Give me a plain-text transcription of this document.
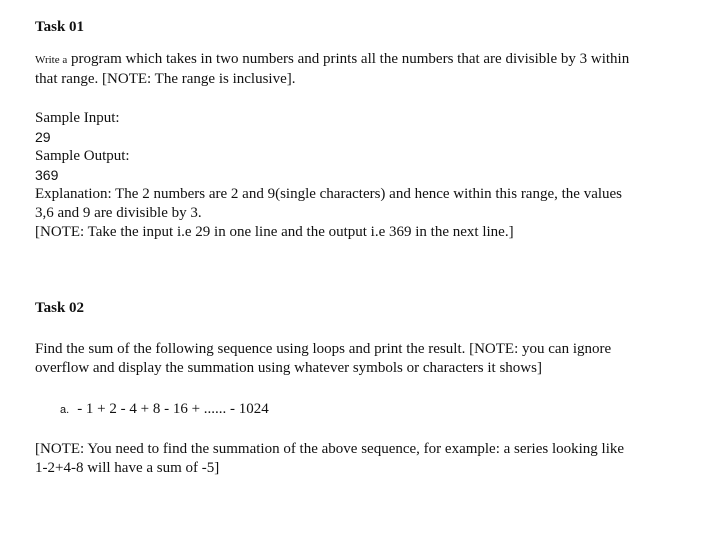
Task 01
Write a program which takes in two numbers and prints all the numbers that are divisible by 3 within
that range. [NOTE: The range is inclusive].
Sample Input:
29
Sample Output:
369
Explanation: The 2 numbers are 2 and 9(single characters) and hence within this range, the values
3,6 and 9 are divisible by 3.
[NOTE: Take the input i.e 29 in one line and the output i.e 369 in the next line.]
Task 02
Find the sum of the following sequence using loops and print the result. [NOTE: you can ignore
overflow and display the summation using whatever symbols or characters it shows]
a. - 1 + 2 - 4 + 8 - 16 + ...... - 1024
[NOTE: You need to find the summation of the above sequence, for example: a series looking like
1-2+4-8 will have a sum of -5]
